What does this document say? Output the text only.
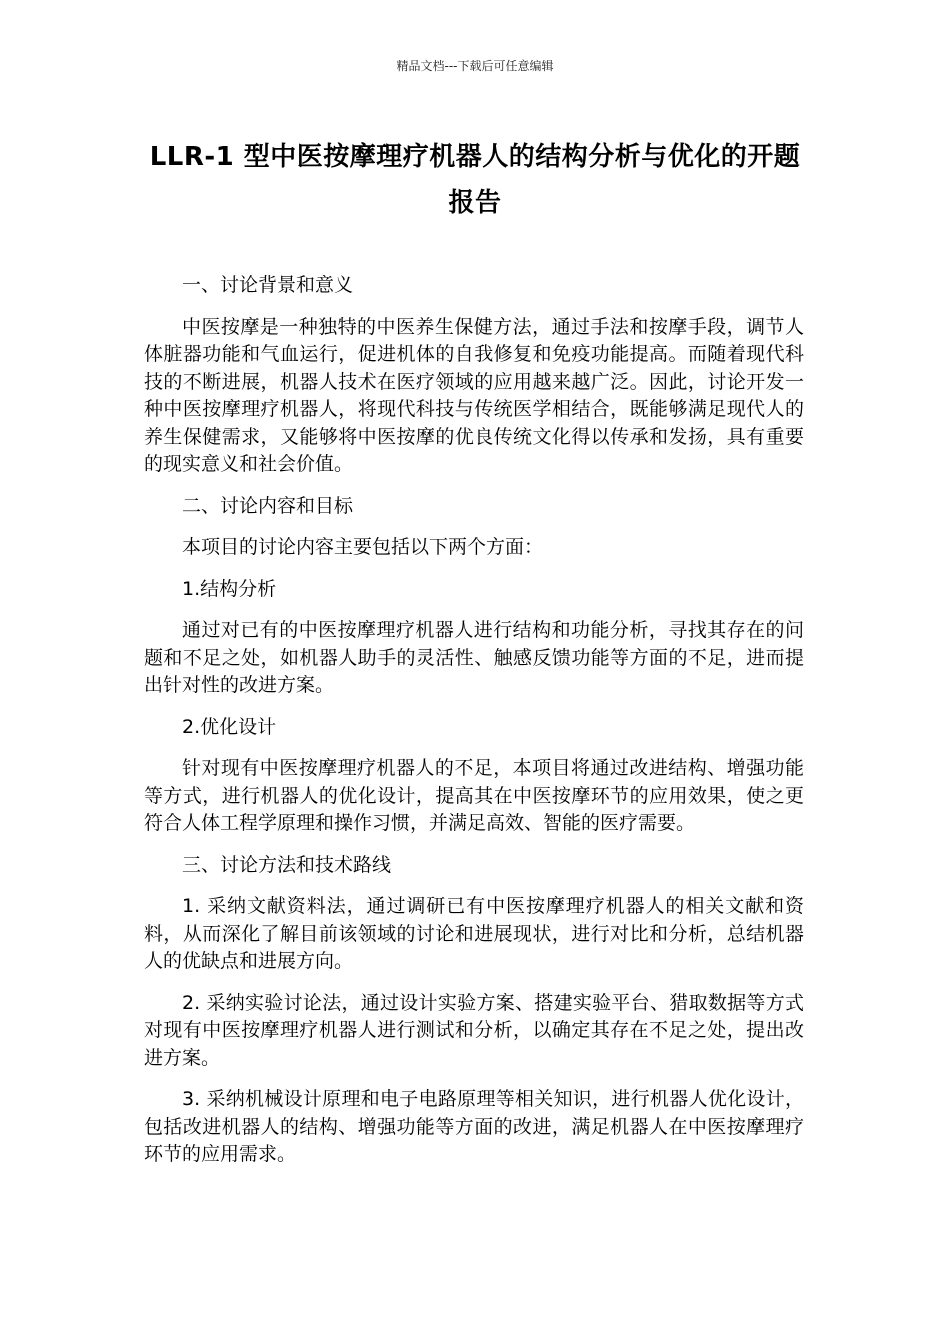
精品文档---下载后可任意编辑
LLR-1 型中医按摩理疗机器人的结构分析与优化的开题报告
一、讨论背景和意义

中医按摩是一种独特的中医养生保健方法，通过手法和按摩手段，调节人体脏器功能和气血运行，促进机体的自我修复和免疫功能提高。而随着现代科技的不断进展，机器人技术在医疗领域的应用越来越广泛。因此，讨论开发一种中医按摩理疗机器人，将现代科技与传统医学相结合，既能够满足现代人的养生保健需求，又能够将中医按摩的优良传统文化得以传承和发扬，具有重要的现实意义和社会价值。

二、讨论内容和目标

本项目的讨论内容主要包括以下两个方面：

1.结构分析

通过对已有的中医按摩理疗机器人进行结构和功能分析，寻找其存在的问题和不足之处，如机器人助手的灵活性、触感反馈功能等方面的不足，进而提出针对性的改进方案。

2.优化设计

针对现有中医按摩理疗机器人的不足，本项目将通过改进结构、增强功能等方式，进行机器人的优化设计，提高其在中医按摩环节的应用效果，使之更符合人体工程学原理和操作习惯，并满足高效、智能的医疗需要。

三、讨论方法和技术路线

1. 采纳文献资料法，通过调研已有中医按摩理疗机器人的相关文献和资料，从而深化了解目前该领域的讨论和进展现状，进行对比和分析，总结机器人的优缺点和进展方向。

2. 采纳实验讨论法，通过设计实验方案、搭建实验平台、猎取数据等方式对现有中医按摩理疗机器人进行测试和分析，以确定其存在不足之处，提出改进方案。

3. 采纳机械设计原理和电子电路原理等相关知识，进行机器人优化设计，包括改进机器人的结构、增强功能等方面的改进，满足机器人在中医按摩理疗环节的应用需求。
